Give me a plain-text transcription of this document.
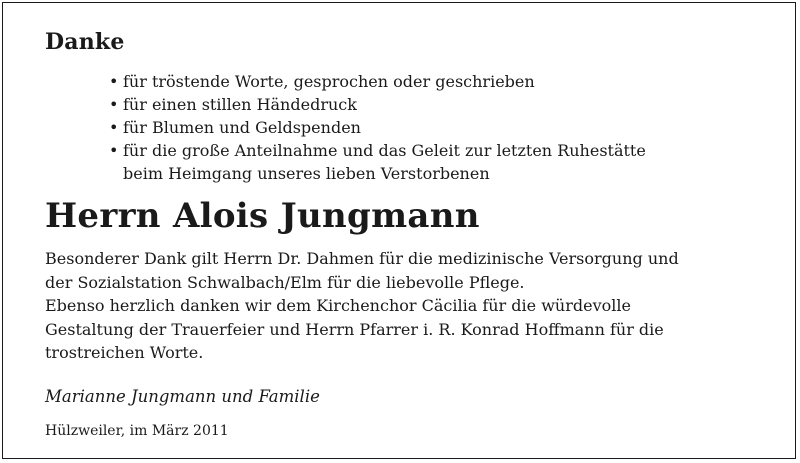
Danke
• für tröstende Worte, gesprochen oder geschrieben
• für einen stillen Händedruck
• für Blumen und Geldspenden
• für die große Anteilnahme und das Geleit zur letzten Ruhestätte
beim Heimgang unseres lieben Verstorbenen
Herrn Alois Jungmann

Besonderer Dank gilt Herrn Dr. Dahmen für die medizinische Versorgung und
der Sozialstation Schwalbach/Elm für die liebevolle Pflege.
Ebenso herzlich danken wir dem Kirchenchor Cäcilia für die würdevolle
Gestaltung der Trauerfeier und Herrn Pfarrer i. R. Konrad Hoffmann für die
trostreichen Worte.

Marianne Jungmann und Familie
Hülzweiler, im März 2011
